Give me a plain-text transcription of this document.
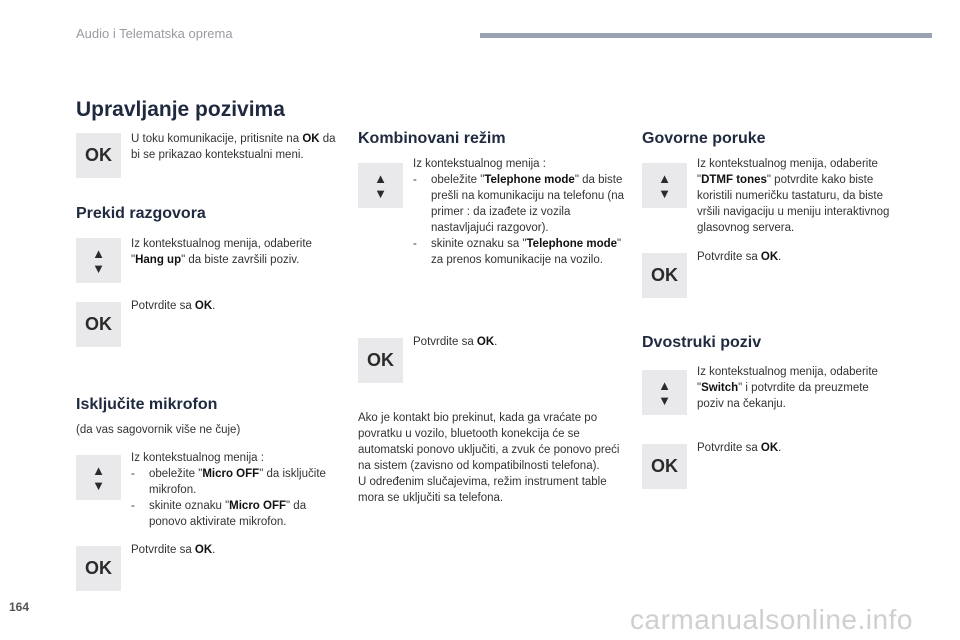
Audio i Telematska oprema
Upravljanje pozivima
OK
U toku komunikacije, pritisnite na OK da bi se prikazao kontekstualni meni.
Prekid razgovora
▲
▼
Iz kontekstualnog menija, odaberite "Hang up" da biste završili poziv.
OK
Potvrdite sa OK.
Isključite mikrofon
(da vas sagovornik više ne čuje)
▲
▼
Iz kontekstualnog menija :
- obeležite "Micro OFF" da isključite mikrofon.
- skinite oznaku "Micro OFF" da ponovo aktivirate mikrofon.
OK
Potvrdite sa OK.
Kombinovani režim
▲
▼
Iz kontekstualnog menija :
- obeležite "Telephone mode" da biste prešli na komunikaciju na telefonu (na primer : da izađete iz vozila nastavljajući razgovor).
- skinite oznaku sa "Telephone mode" za prenos komunikacije na vozilo.
OK
Potvrdite sa OK.
Ako je kontakt bio prekinut, kada ga vraćate po povratku u vozilo, bluetooth konekcija će se automatski ponovo uključiti, a zvuk će ponovo preći na sistem (zavisno od kompatibilnosti telefona).
U određenim slučajevima, režim instrument table mora se uključiti sa telefona.
Govorne poruke
▲
▼
Iz kontekstualnog menija, odaberite "DTMF tones" potvrdite kako biste koristili numeričku tastaturu, da biste vršili navigaciju u meniju interaktivnog glasovnog servera.
OK
Potvrdite sa OK.
Dvostruki poziv
▲
▼
Iz kontekstualnog menija, odaberite "Switch" i potvrdite da preuzmete poziv na čekanju.
OK
Potvrdite sa OK.
164	carmanualsonline.info
